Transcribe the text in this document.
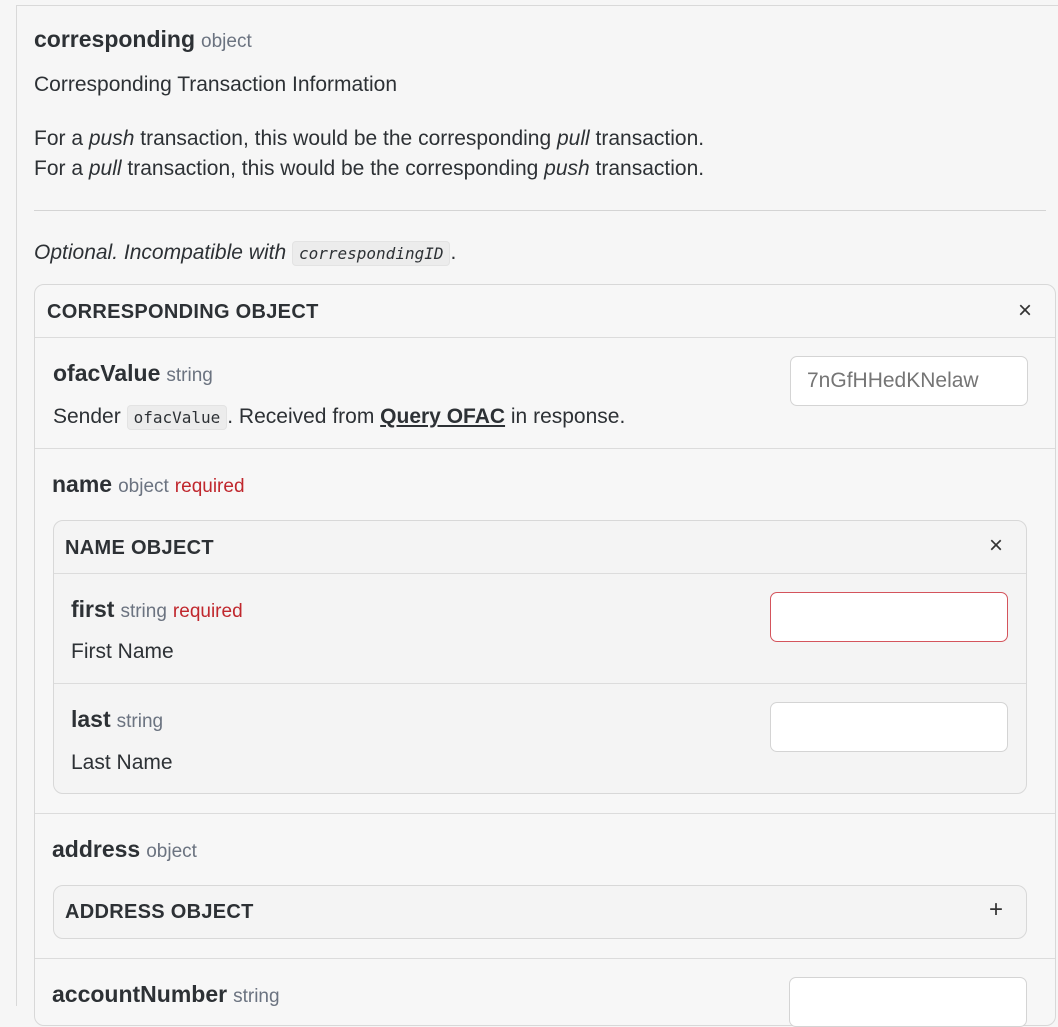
corresponding object
Corresponding Transaction Information
For a push transaction, this would be the corresponding pull transaction.
For a pull transaction, this would be the corresponding push transaction.
Optional. Incompatible with correspondingID .
CORRESPONDING OBJECT	×
ofacValue string
Sender ofacValue . Received from Query OFAC in response.
7nGfHHedKNelaw
name object required
NAME OBJECT	×
first string required
First Name
last string
Last Name
address object
ADDRESS OBJECT	+
accountNumber string
